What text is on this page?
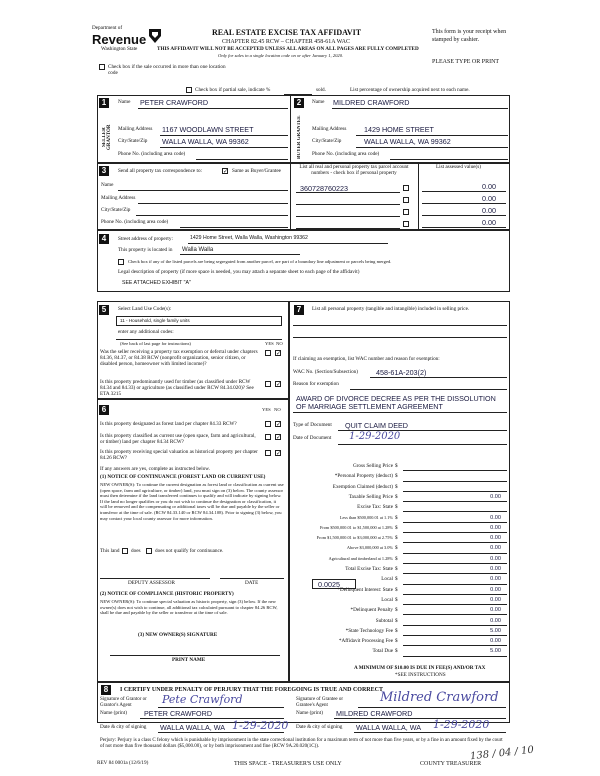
Department of
Revenue
Washington State
REAL ESTATE EXCISE TAX AFFIDAVIT
CHAPTER 82.45 RCW – CHAPTER 458-61A WAC
THIS AFFIDAVIT WILL NOT BE ACCEPTED UNLESS ALL AREAS ON ALL PAGES ARE FULLY COMPLETED
Only for sales in a single location code on or after January 1, 2020.
This form is your receipt when stamped by cashier.
PLEASE TYPE OR PRINT
Check box if the sale occurred in more than one location code
Check box if partial sale, indicate %	sold.	List percentage of ownership acquired next to each name.
1	2
SELLER GRANTOR	BUYER GRANTEE
Name PETER CRAWFORD
Mailing Address 1167 WOODLAWN STREET
City/State/Zip WALLA WALLA, WA 99362
Phone No. (including area code)
Name MILDRED CRAWFORD
Mailing Address 1429 HOME STREET
City/State/Zip	WALLA WALLA, WA 99362
Phone No. (including area code)
3	Send all property tax correspondence to:	✓ Same as Buyer/Grantee
Name
Mailing Address
City/State/Zip
Phone No. (including area code)
List all real and personal property tax parcel account numbers - check box if personal property
List assessed value(s)
360728760223	0.00
0.00
0.00
0.00
4	Street address of property:	1429 Home Street, Walla Walla, Washington 99362
This property is located in Walla Walla
Check box if any of the listed parcels are being segregated from another parcel, are part of a boundary line adjustment or parcels being merged.
Legal description of property (if more space is needed, you may attach a separate sheet to each page of the affidavit)
SEE ATTACHED EXHIBIT "A"
5	Select Land Use Code(s):
11 - Household, single family units
enter any additional codes:
(See back of last page for instructions)	YES NO
Was the seller receiving a property tax exemption or deferral under chapters 84.36, 84.37, or 84.38 RCW (nonprofit organization, senior citizen, or disabled person, homeowner with limited income)?
✓
Is this property predominantly used for timber (as classified under RCW 84.34 and 84.33) or agriculture (as classified under RCW 84.34.020)? See ETA 3215
✓
6	YES NO
Is this property designated as forest land per chapter 84.33 RCW?	✓
Is this property classified as current use (open space, farm and agricultural, or timber) land per chapter 84.34 RCW?
✓
Is this property receiving special valuation as historical property per chapter 84.26 RCW?
✓
If any answers are yes, complete as instructed below.
(1) NOTICE OF CONTINUANCE (FOREST LAND OR CURRENT USE)
NEW OWNER(S): To continue the current designation as forest land or classification as current use (open space, farm and agriculture, or timber) land, you must sign on (3) below. The county assessor must then determine if the land transferred continues to qualify and will indicate by signing below. If the land no longer qualifies or you do not wish to continue the designation or classification, it will be removed and the compensating or additional taxes will be due and payable by the seller or transferor at the time of sale. (RCW 84.33.140 or RCW 84.34.108). Prior to signing (3) below, you may contact your local county assessor for more information.
This land does	does not qualify for continuance.
DEPUTY ASSESSOR	DATE
(2) NOTICE OF COMPLIANCE (HISTORIC PROPERTY)
NEW OWNER(S): To continue special valuation as historic property, sign (3) below. If the new owner(s) does not wish to continue, all additional tax calculated pursuant to chapter 84.26 RCW, shall be due and payable by the seller or transferor at the time of sale.
(3) NEW OWNER(S) SIGNATURE
PRINT NAME
7	List all personal property (tangible and intangible) included in selling price.
If claiming an exemption, list WAC number and reason for exemption:
WAC No. (Section/Subsection)	458-61A-203(2)
Reason for exemption
AWARD OF DIVORCE DECREE AS PER THE DISSOLUTION OF MARRIAGE SETTLEMENT AGREEMENT
Type of Document QUIT CLAIM DEED
Date of Document 1-29-2020
Gross Selling Price $
*Personal Property (deduct) $
Exemption Claimed (deduct) $
Taxable Selling Price $	0.00
Excise Tax: State $
Less than $500,000.01 at 1.1% $	0.00
From $500,000.01 to $1,500,000 at 1.28% $	0.00
From $1,500,000.01 to $3,000,000 at 2.75% $	0.00
Above $3,000,000 at 3.0% $	0.00
Agricultural and timberland at 1.28% $	0.00
Total Excise Tax: State $	0.00
Local $	0.00
*Delinquent Interest: State $	0.00
Local $	0.00
*Delinquent Penalty $	0.00
Subtotal $	0.00
*State Technology Fee $	5.00
*Affidavit Processing Fee $	0.00
Total Due $	5.00
0.0025
A MINIMUM OF $10.00 IS DUE IN FEE(S) AND/OR TAX
*SEE INSTRUCTIONS
8	I CERTIFY UNDER PENALTY OF PERJURY THAT THE FOREGOING IS TRUE AND CORRECT
Signature of Grantor or Grantor's Agent	Pete Crawford	Signature of Grantee or Grantee's Agent
Mildred Crawford
Name (print) PETER CRAWFORD	Name (print) MILDRED CRAWFORD
Date & city of signing WALLA WALLA, WA 1-29-2020 Date & city of signing WALLA WALLA, WA 1-29-2020
Perjury: Perjury is a class C felony which is punishable by imprisonment in the state correctional institution for a maximum term of not more than five years, or by a fine in an amount fixed by the court of not more than five thousand dollars ($5,000.00), or by both imprisonment and fine (RCW 9A.20.020(1C)).
REV 84 0001a (12/6/19)	THIS SPACE - TREASURER'S USE ONLY	COUNTY TREASURER
138 / 04 / 10
